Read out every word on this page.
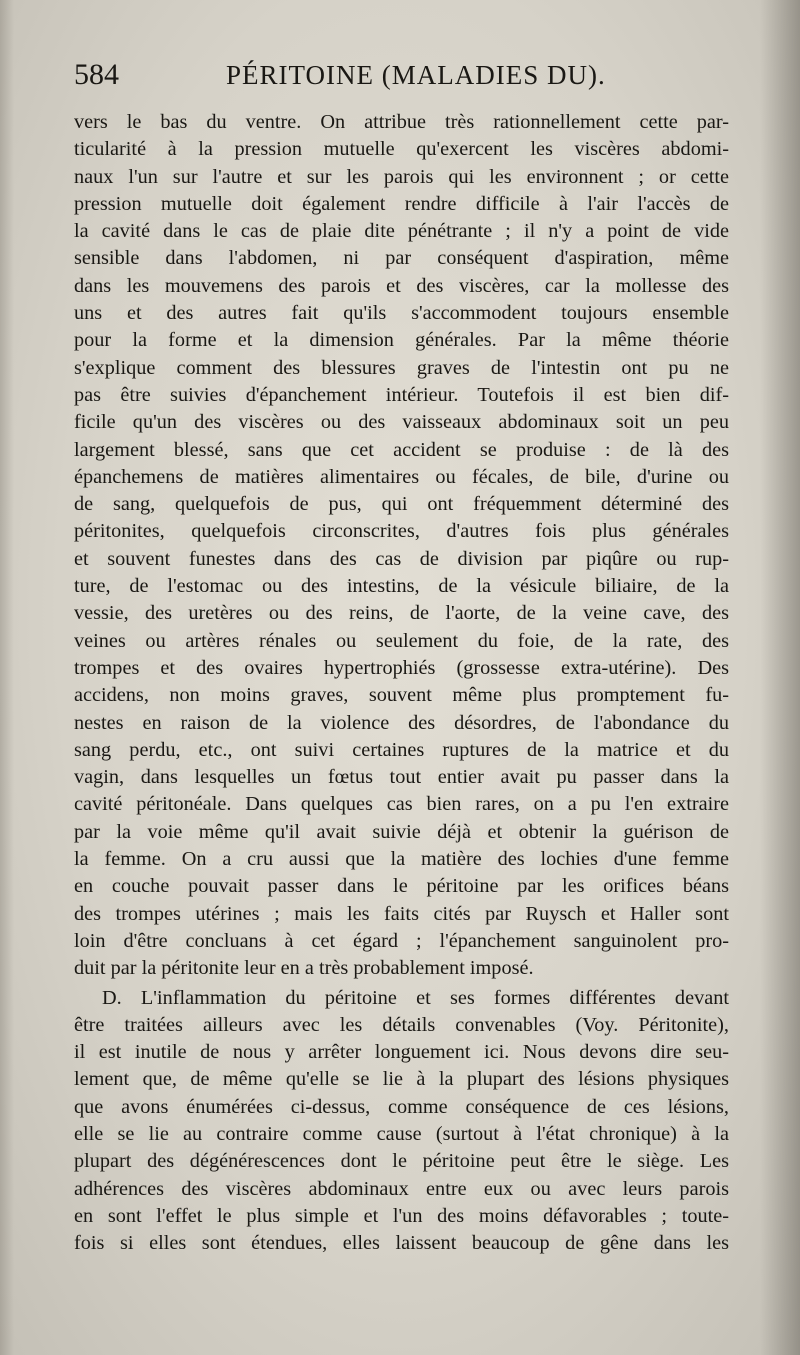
584	PÉRITOINE (MALADIES DU).
vers le bas du ventre. On attribue très rationnellement cette par-
ticularité à la pression mutuelle qu'exercent les viscères abdomi-
naux l'un sur l'autre et sur les parois qui les environnent ; or cette
pression mutuelle doit également rendre difficile à l'air l'accès de
la cavité dans le cas de plaie dite pénétrante ; il n'y a point de vide
sensible dans l'abdomen, ni par conséquent d'aspiration, même
dans les mouvemens des parois et des viscères, car la mollesse des
uns et des autres fait qu'ils s'accommodent toujours ensemble
pour la forme et la dimension générales. Par la même théorie
s'explique comment des blessures graves de l'intestin ont pu ne
pas être suivies d'épanchement intérieur. Toutefois il est bien dif-
ficile qu'un des viscères ou des vaisseaux abdominaux soit un peu
largement blessé, sans que cet accident se produise : de là des
épanchemens de matières alimentaires ou fécales, de bile, d'urine ou
de sang, quelquefois de pus, qui ont fréquemment déterminé des
péritonites, quelquefois circonscrites, d'autres fois plus générales
et souvent funestes dans des cas de division par piqûre ou rup-
ture, de l'estomac ou des intestins, de la vésicule biliaire, de la
vessie, des uretères ou des reins, de l'aorte, de la veine cave, des
veines ou artères rénales ou seulement du foie, de la rate, des
trompes et des ovaires hypertrophiés (grossesse extra-utérine). Des
accidens, non moins graves, souvent même plus promptement fu-
nestes en raison de la violence des désordres, de l'abondance du
sang perdu, etc., ont suivi certaines ruptures de la matrice et du
vagin, dans lesquelles un fœtus tout entier avait pu passer dans la
cavité péritonéale. Dans quelques cas bien rares, on a pu l'en extraire
par la voie même qu'il avait suivie déjà et obtenir la guérison de
la femme. On a cru aussi que la matière des lochies d'une femme
en couche pouvait passer dans le péritoine par les orifices béans
des trompes utérines ; mais les faits cités par Ruysch et Haller sont
loin d'être concluans à cet égard ; l'épanchement sanguinolent pro-
duit par la péritonite leur en a très probablement imposé.
D. L'inflammation du péritoine et ses formes différentes devant
être traitées ailleurs avec les détails convenables (Voy. Péritonite),
il est inutile de nous y arrêter longuement ici. Nous devons dire seu-
lement que, de même qu'elle se lie à la plupart des lésions physiques
que avons énumérées ci-dessus, comme conséquence de ces lésions,
elle se lie au contraire comme cause (surtout à l'état chronique) à la
plupart des dégénérescences dont le péritoine peut être le siège. Les
adhérences des viscères abdominaux entre eux ou avec leurs parois
en sont l'effet le plus simple et l'un des moins défavorables ; toute-
fois si elles sont étendues, elles laissent beaucoup de gêne dans les
